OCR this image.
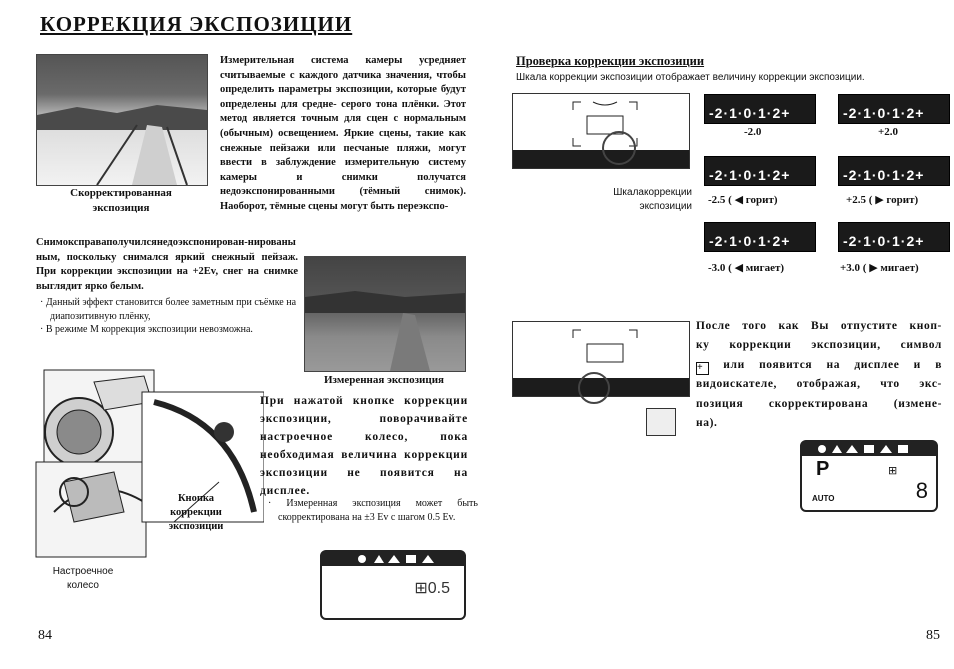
КОРРЕКЦИЯ ЭКСПОЗИЦИИ
Скорректированная
экспозиция
Измерительная система камеры усредняет считываемые с каждого датчика значения, чтобы определить параметры экспозиции, которые будут определены для средне- серого тона плёнки. Этот метод является точным для сцен с нормальным (обычным) освещением. Яркие сцены, такие как снежные пейзажи или песчаные пляжи, могут ввести в заблуждение измерительную систему камеры и снимки получатся недоэкспонированными (тёмный снимок). Наоборот, тёмные сцены могут быть переэкспо-
Снимоксправаполучилсянедоэкспонирован-нированы ным, поскольку снимался яркий снежный пейзаж. При коррекции экспозиции на +2Ev, снег на снимке выглядит ярко белым.
· Данный эффект становится более заметным при съёмке на диапозитивную плёнку,
· В режиме М коррекция экспозиции невозможна.
Измеренная экспозиция
Кнопка
коррекции
экспозиции
Настроечное
колесо
При нажатой кнопке коррекции экспозиции, поворачивайте настроечное колесо, пока необходимая величина коррекции экспозиции не появится на дисплее.
· Измеренная экспозиция может быть скорректирована на ±3 Ev с шагом 0.5 Ev.
⊞0.5
84
Проверка коррекции экспозиции
Шкала коррекции экспозиции отображает величину коррекции экспозиции.
Шкалакоррекции
экспозиции
-2·1·0·1·2+
-2.0
-2·1·0·1·2+
+2.0
-2·1·0·1·2+
-2.5 ( ◀ горит)
-2·1·0·1·2+
+2.5 ( ▶ горит)
-2·1·0·1·2+
-3.0 ( ◀ мигает)
-2·1·0·1·2+
+3.0 ( ▶ мигает)
После того как Вы отпустите кноп-
ку коррекции экспозиции, символ
+ или появится на дисплее и в
видоискателе, отображая, что экс-
позиция скорректирована (измене-
на).
P	⊞
AUTO	8
85
